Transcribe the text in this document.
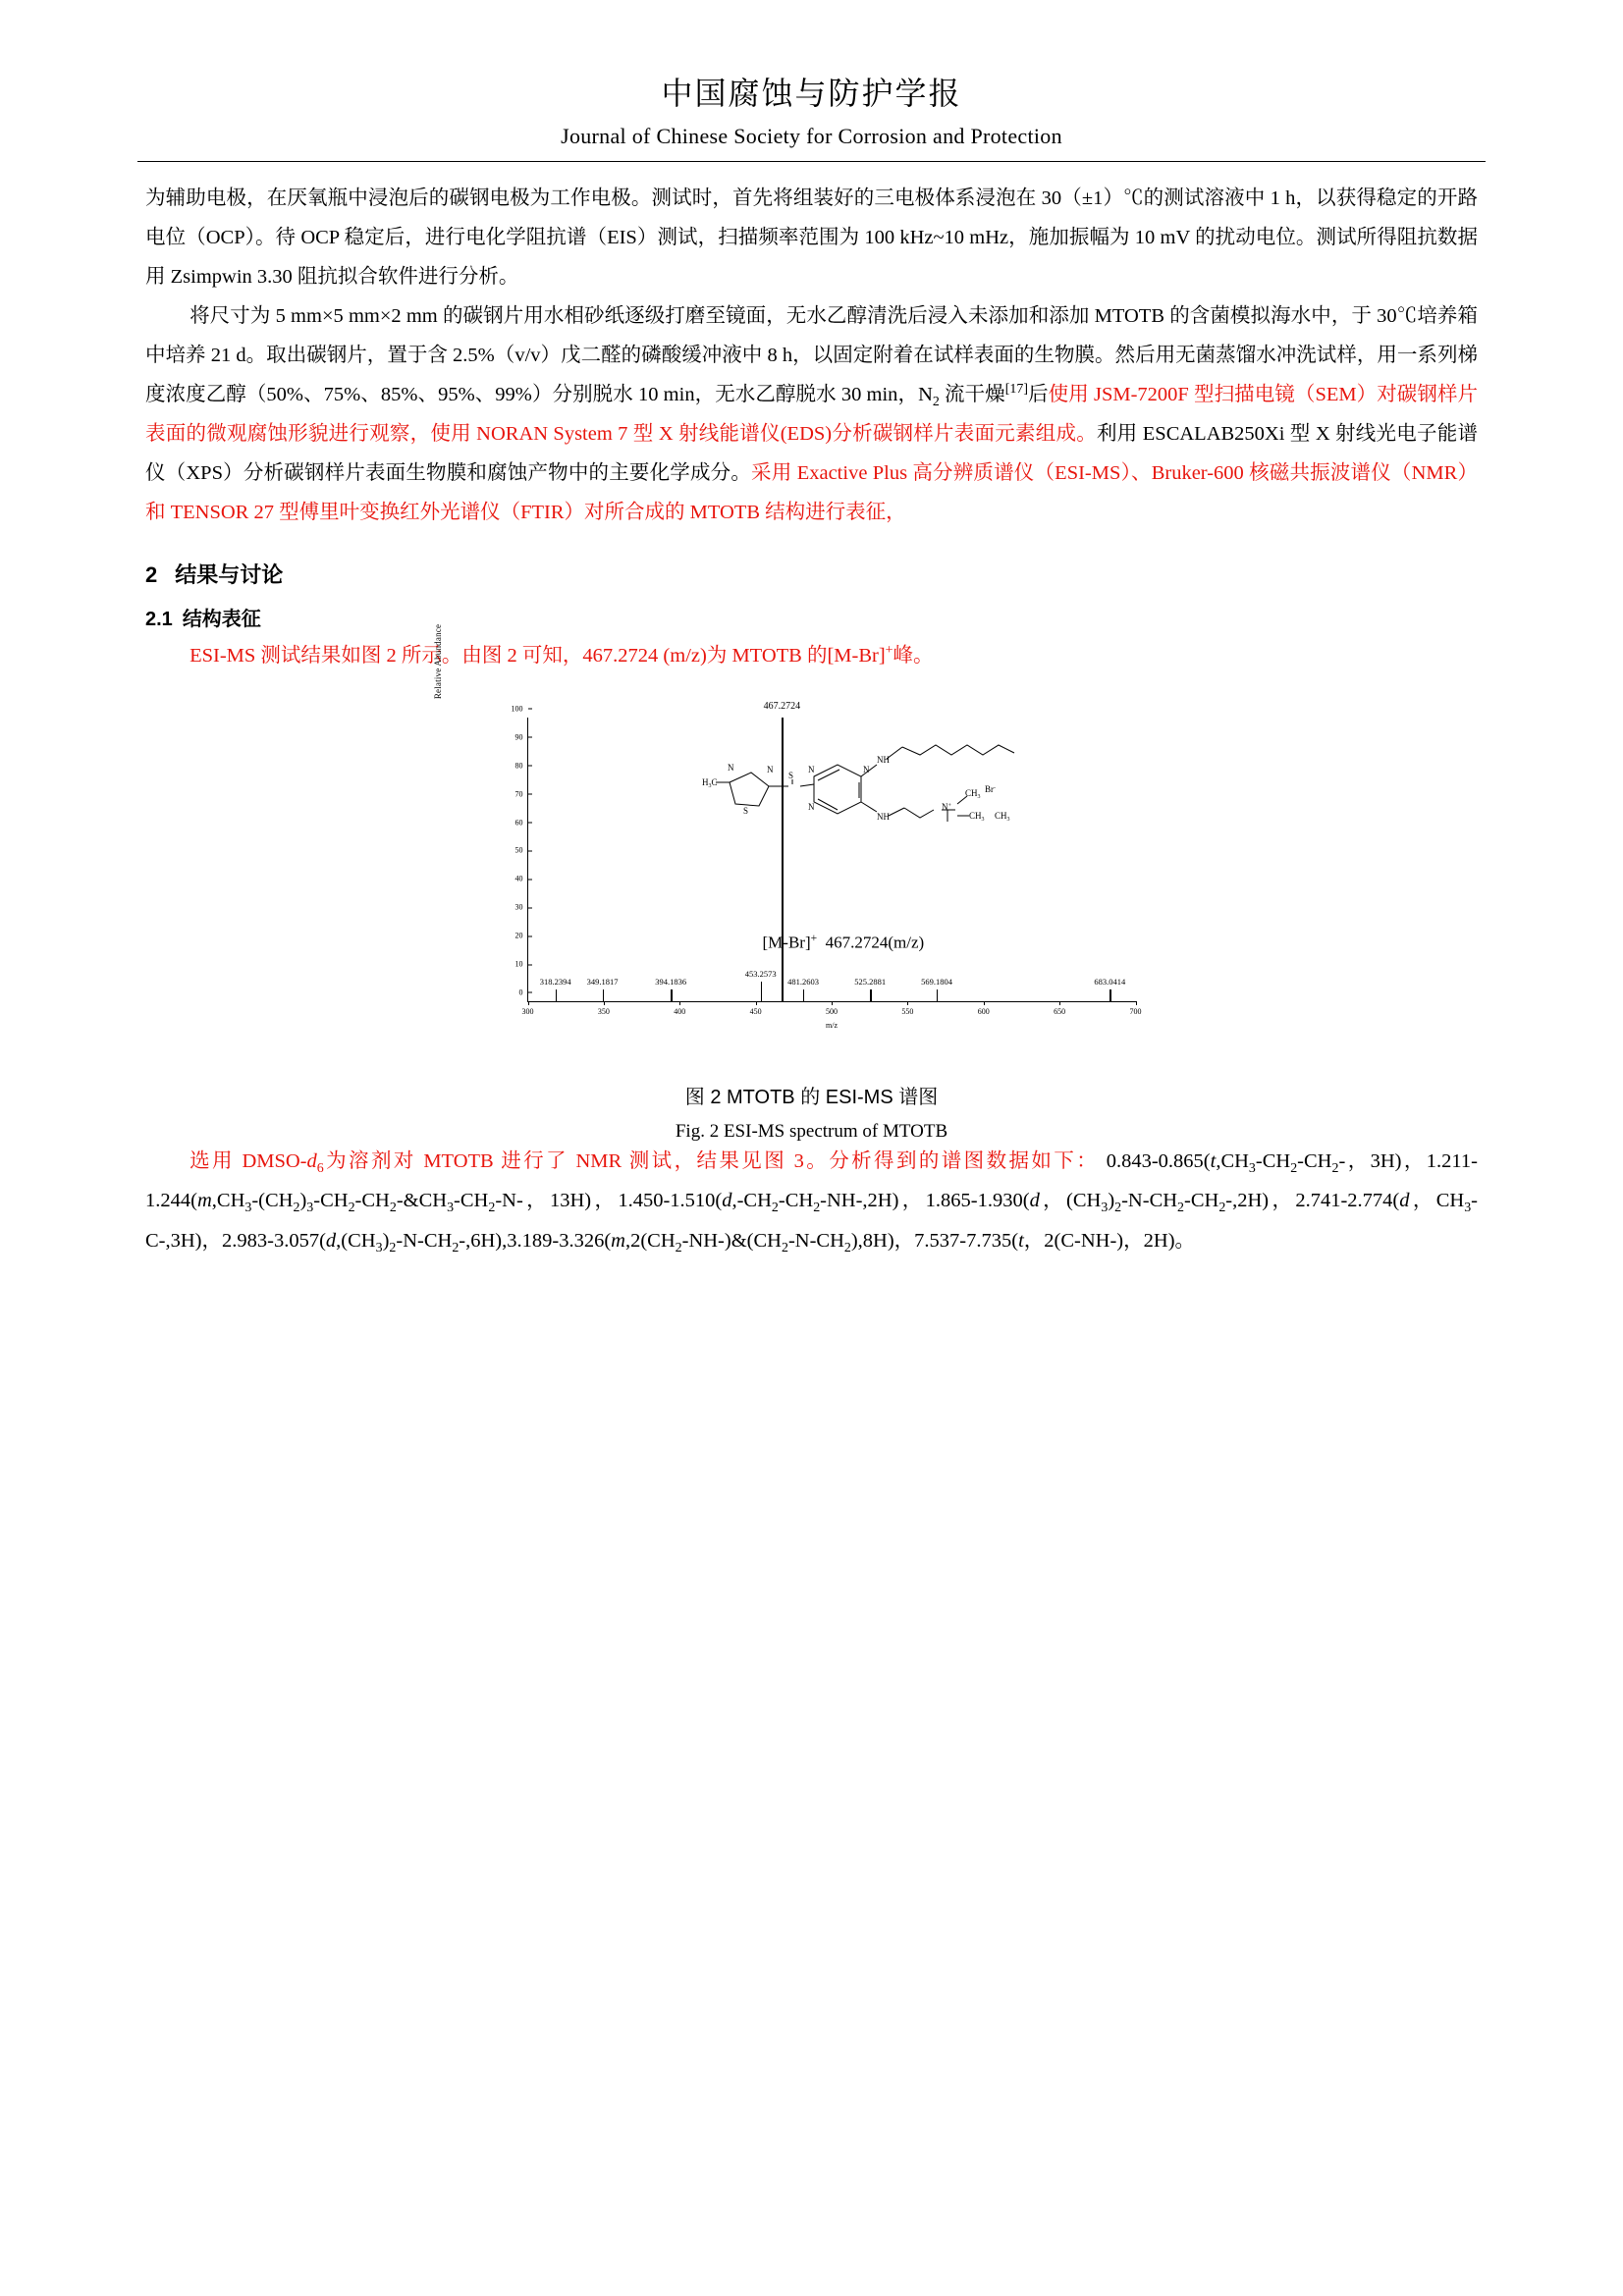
中国腐蚀与防护学报
Journal of Chinese Society for Corrosion and Protection

为辅助电极，在厌氧瓶中浸泡后的碳钢电极为工作电极。测试时，首先将组装好的三电极体系浸泡在 30（±1）℃的测试溶液中 1 h，以获得稳定的开路电位（OCP）。待 OCP 稳定后，进行电化学阻抗谱（EIS）测试，扫描频率范围为 100 kHz~10 mHz，施加振幅为 10 mV 的扰动电位。测试所得阻抗数据用 Zsimpwin 3.30 阻抗拟合软件进行分析。

将尺寸为 5 mm×5 mm×2 mm 的碳钢片用水相砂纸逐级打磨至镜面，无水乙醇清洗后浸入未添加和添加 MTOTB 的含菌模拟海水中，于 30℃培养箱中培养 21 d。取出碳钢片，置于含 2.5%（v/v）戊二醛的磷酸缓冲液中 8 h，以固定附着在试样表面的生物膜。然后用无菌蒸馏水冲洗试样，用一系列梯度浓度乙醇（50%、75%、85%、95%、99%）分别脱水 10 min，无水乙醇脱水 30 min，$N_2$ 流干燥[17]后使用 JSM-7200F 型扫描电镜（SEM）对碳钢样片表面的微观腐蚀形貌进行观察，使用 NORAN System 7 型 X 射线能谱仪(EDS)分析碳钢样片表面元素组成。利用 ESCALAB250Xi 型 X 射线光电子能谱仪（XPS）分析碳钢样片表面生物膜和腐蚀产物中的主要化学成分。采用 Exactive Plus 高分辨质谱仪（ESI-MS）、Bruker-600 核磁共振波谱仪（NMR）和 TENSOR 27 型傅里叶变换红外光谱仪（FTIR）对所合成的 MTOTB 结构进行表征，

2 结果与讨论
2.1 结构表征

ESI-MS 测试结果如图 2 所示。由图 2 可知，467.2724 (m/z)为 MTOTB 的[M-Br]+峰。

Relative Abundance
0
10
20
30
40
50
60
70
80
90
100
300	350	400	450	500	550	600	650	700
m/z
318.2394 349.1817	394.1836
453.2573
467.2724
481.2603	525.2881	569.1804	683.0414
$H_3C$
S
N	N
S
N	N
N
NH
NH
N+
$CH_3$
$CH_3$ $CH_3$
Br-
[M-Br]+ 467.2724(m/z)
图 2 MTOTB 的 ESI-MS 谱图
Fig. 2 ESI-MS spectrum of MTOTB

选用 DMSO-$d_6$为溶剂对 MTOTB 进行了 NMR 测试，结果见图 3。分析得到的谱图数据如下： $0.843-0.865(t,CH_3-CH_2-CH_2-$，3H)，$1.211-1.244(m,CH_3-(CH_2)_3-CH_2-CH_2-\&CH_3-CH_2-N-$，13H)，$1.450-1.510(d,-CH_2-CH_2-NH-,2H)$，1.865-1.930(d，$(CH_3)_2-N-CH_2-CH_2-,2H$)，2.741-2.774(d，$CH_3-C-,3H$)，$2.983-3.057(d,(CH_3)_2-N-CH_2-,6H),3.189-3.326(m,2(CH_2-NH-)\&(CH_2-N-CH_2),8H)$，7.537-7.735(t，2(C-NH-)，2H)。
